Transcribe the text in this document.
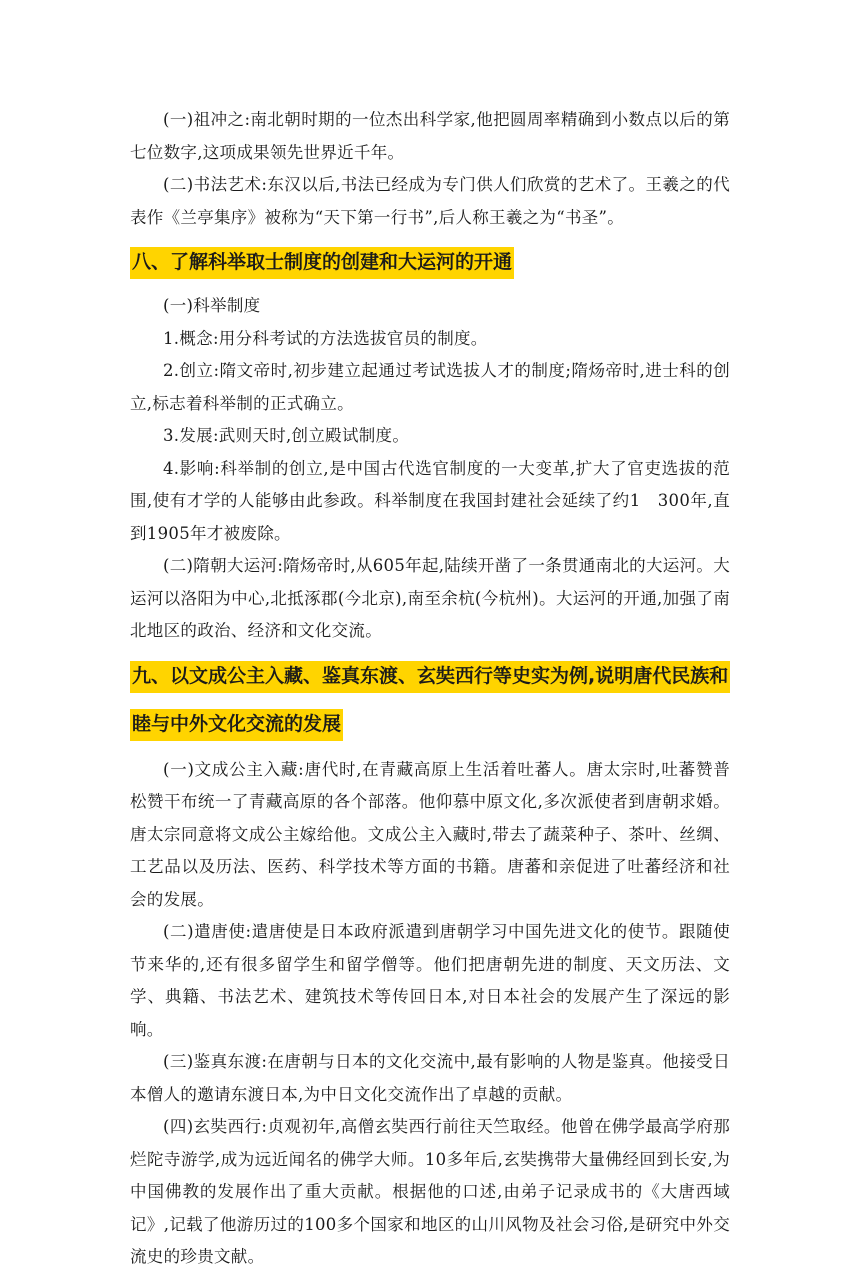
(一)祖冲之:南北朝时期的一位杰出科学家,他把圆周率精确到小数点以后的第七位数字,这项成果领先世界近千年。

(二)书法艺术:东汉以后,书法已经成为专门供人们欣赏的艺术了。王羲之的代表作《兰亭集序》被称为“天下第一行书”,后人称王羲之为“书圣”。

八、了解科举取士制度的创建和大运河的开通

(一)科举制度

1.概念:用分科考试的方法选拔官员的制度。

2.创立:隋文帝时,初步建立起通过考试选拔人才的制度;隋炀帝时,进士科的创立,标志着科举制的正式确立。

3.发展:武则天时,创立殿试制度。

4.影响:科举制的创立,是中国古代选官制度的一大变革,扩大了官吏选拔的范围,使有才学的人能够由此参政。科举制度在我国封建社会延续了约1　300年,直到1905年才被废除。

(二)隋朝大运河:隋炀帝时,从605年起,陆续开凿了一条贯通南北的大运河。大运河以洛阳为中心,北抵涿郡(今北京),南至余杭(今杭州)。大运河的开通,加强了南北地区的政治、经济和文化交流。

九、以文成公主入藏、鉴真东渡、玄奘西行等史实为例,说明唐代民族和睦与中外文化交流的发展

(一)文成公主入藏:唐代时,在青藏高原上生活着吐蕃人。唐太宗时,吐蕃赞普松赞干布统一了青藏高原的各个部落。他仰慕中原文化,多次派使者到唐朝求婚。唐太宗同意将文成公主嫁给他。文成公主入藏时,带去了蔬菜种子、茶叶、丝绸、工艺品以及历法、医药、科学技术等方面的书籍。唐蕃和亲促进了吐蕃经济和社会的发展。

(二)遣唐使:遣唐使是日本政府派遣到唐朝学习中国先进文化的使节。跟随使节来华的,还有很多留学生和留学僧等。他们把唐朝先进的制度、天文历法、文学、典籍、书法艺术、建筑技术等传回日本,对日本社会的发展产生了深远的影响。

(三)鉴真东渡:在唐朝与日本的文化交流中,最有影响的人物是鉴真。他接受日本僧人的邀请东渡日本,为中日文化交流作出了卓越的贡献。

(四)玄奘西行:贞观初年,高僧玄奘西行前往天竺取经。他曾在佛学最高学府那烂陀寺游学,成为远近闻名的佛学大师。10多年后,玄奘携带大量佛经回到长安,为中国佛教的发展作出了重大贡献。根据他的口述,由弟子记录成书的《大唐西域记》,记载了他游历过的100多个国家和地区的山川风物及社会习俗,是研究中外交流史的珍贵文献。
